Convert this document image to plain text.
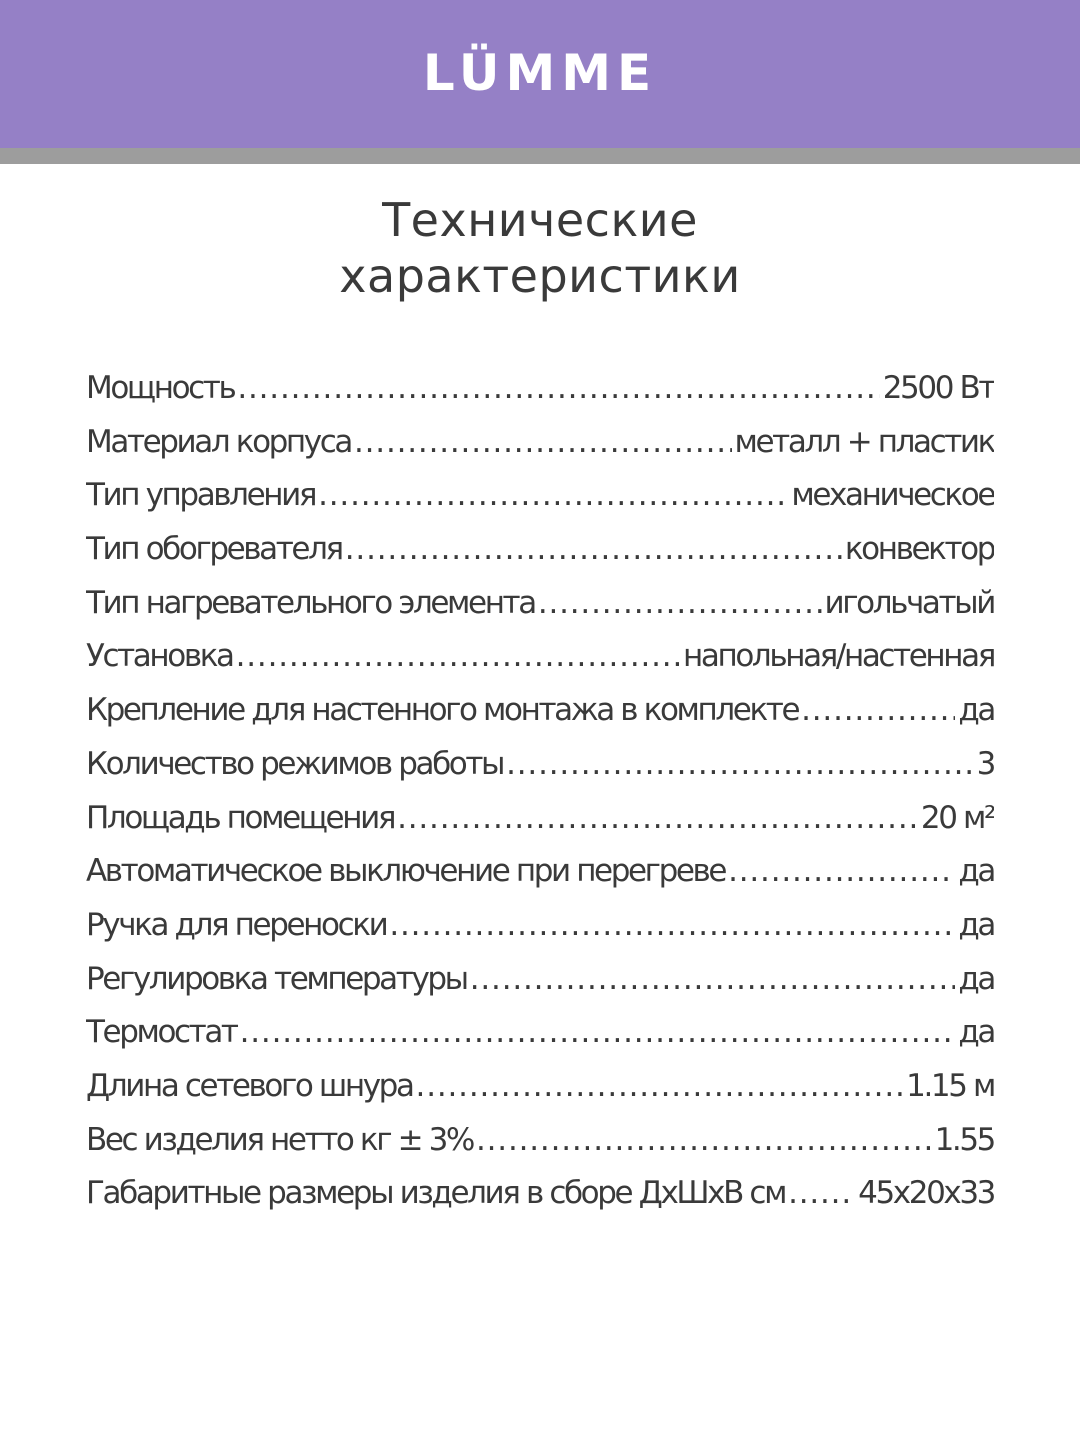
LÜMME
Технические
характеристики
Мощность .....	2500 Вт
Материал корпуса .....	металл + пластик
Тип управления .....	механическое
Тип обогревателя .....	конвектор
Тип нагревательного элемента .....	игольчатый
Установка .....	напольная/настенная
Крепление для настенного монтажа в комплекте .....	да
Количество режимов работы .....	3
Площадь помещения .....	20 м²
Автоматическое выключение при перегреве .....	да
Ручка для переноски .....	да
Регулировка температуры .....	да
Термостат .....	да
Длина сетевого шнура .....	1.15 м
Вес изделия нетто кг ± 3% .....	1.55
Габаритные размеры изделия в сборе ДхШхВ см ..... 45x20x33
